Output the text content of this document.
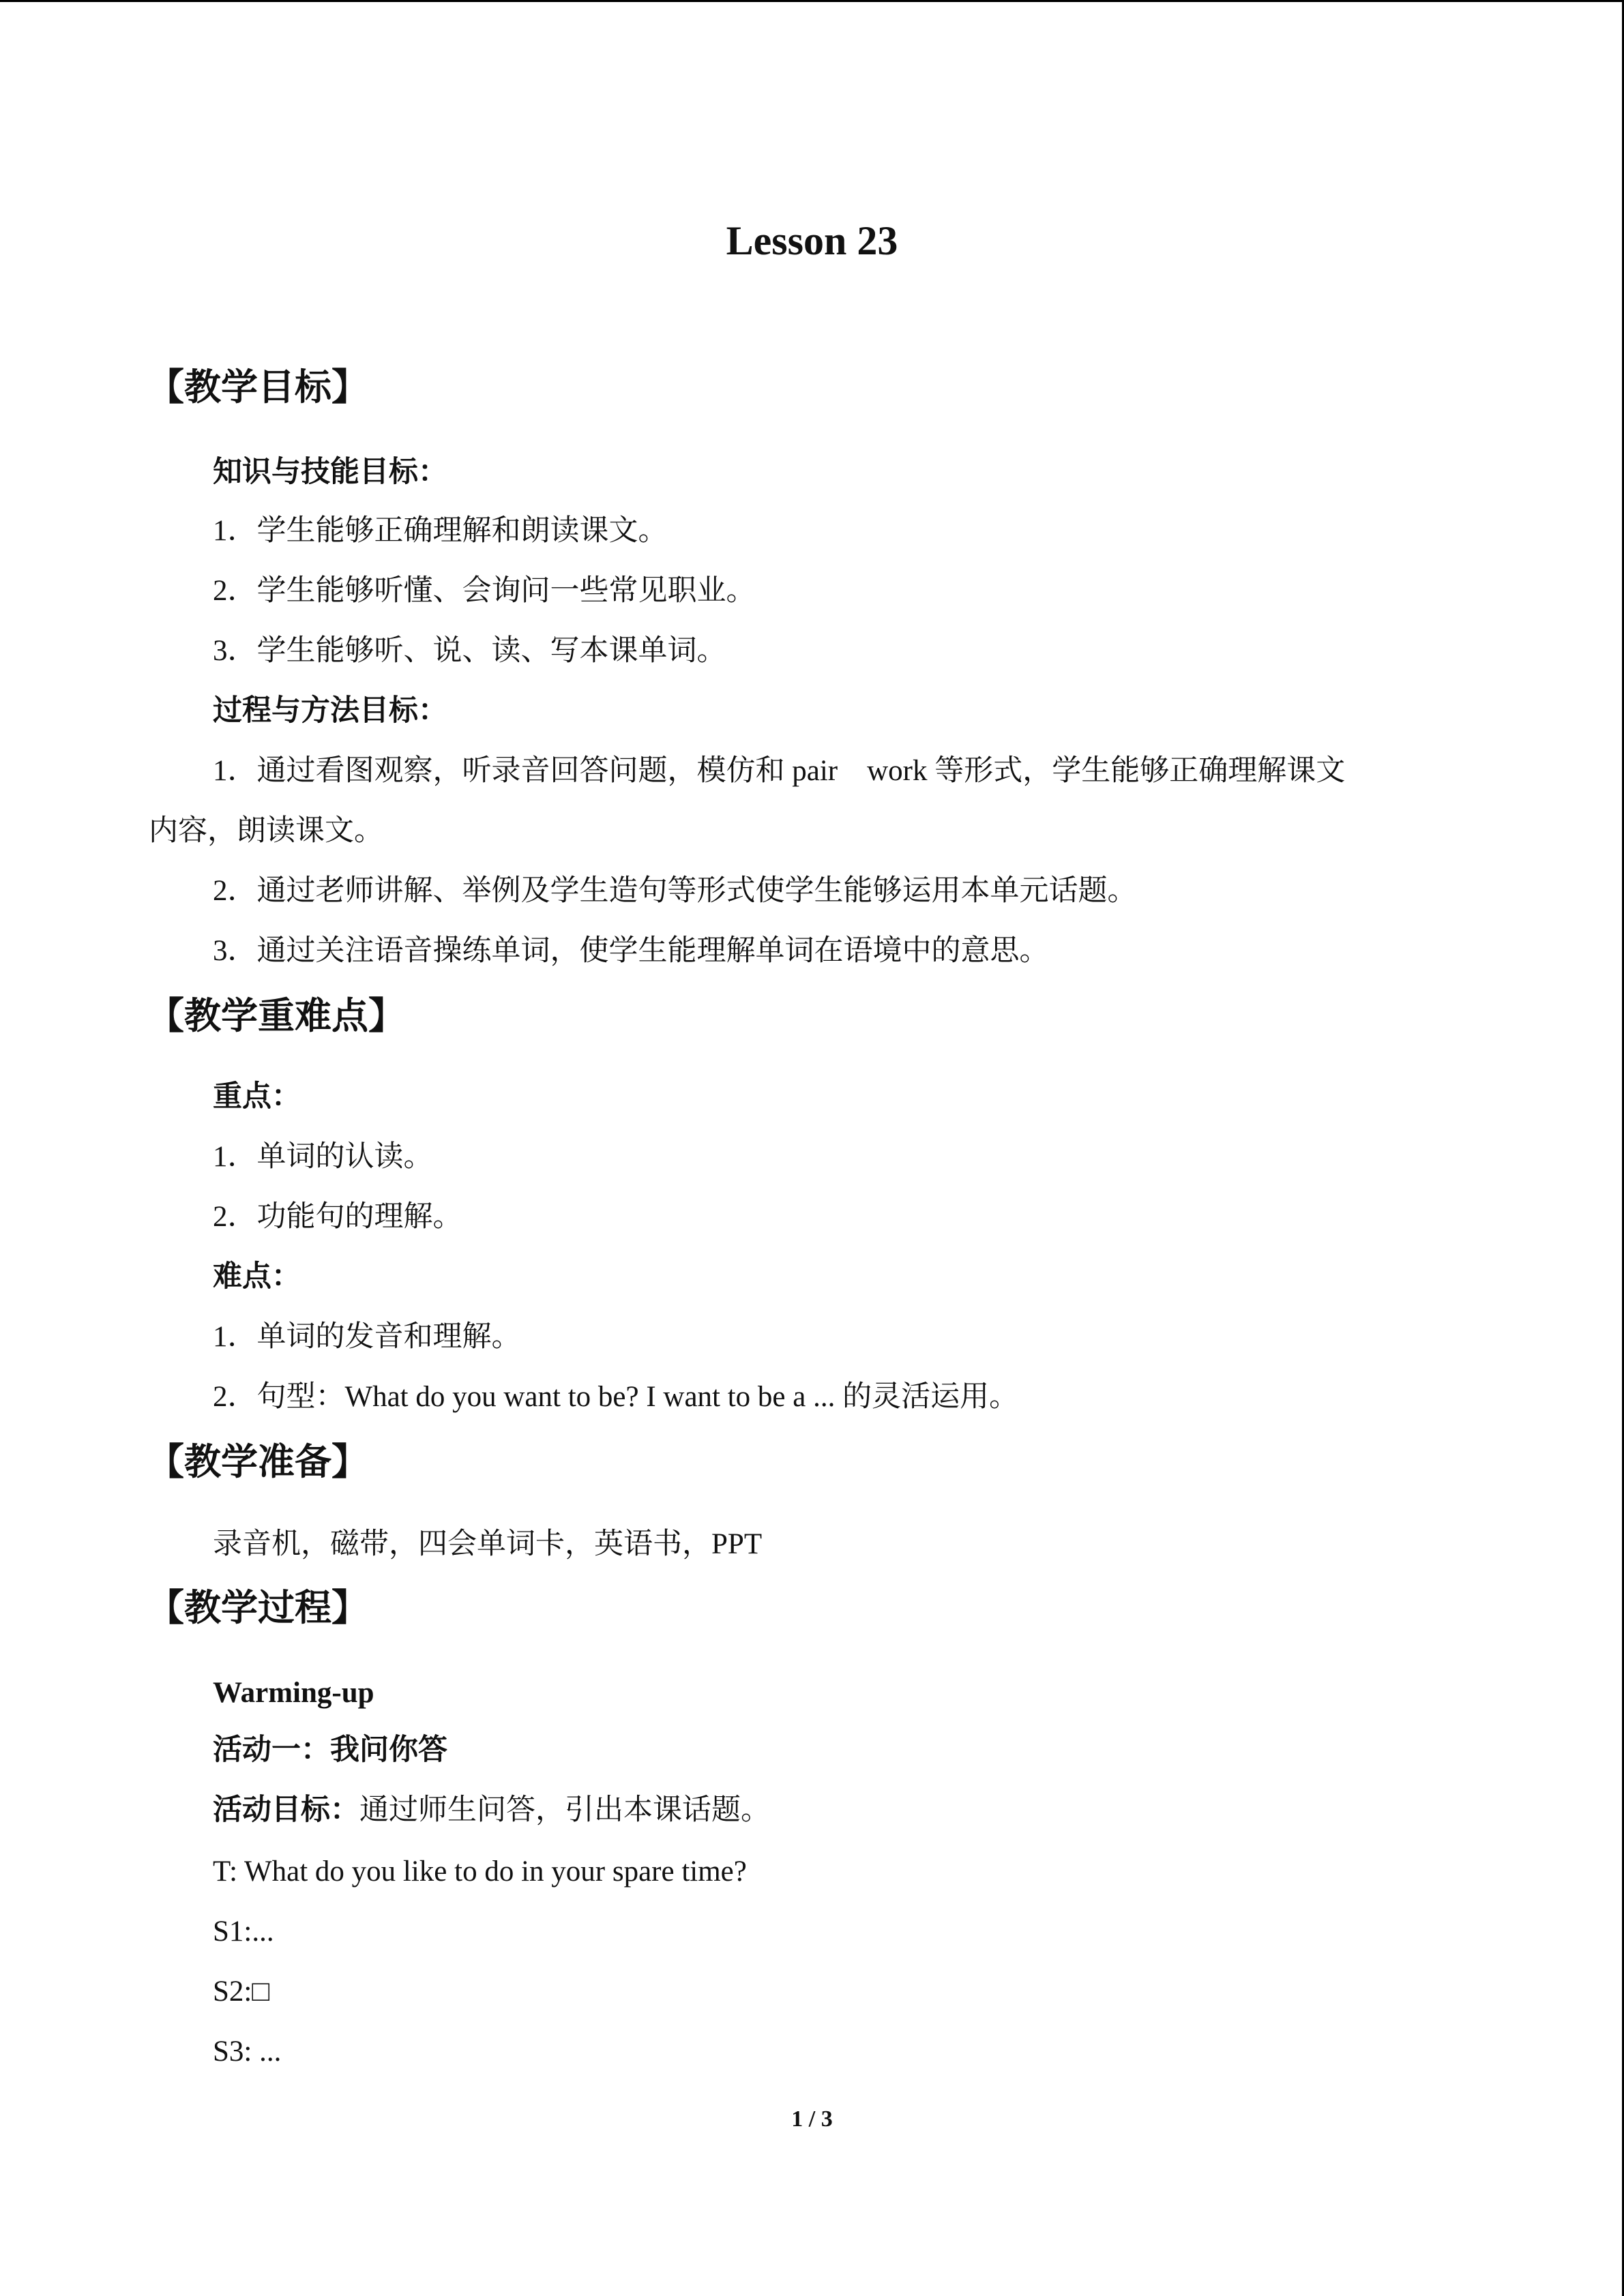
Lesson 23
【教学目标】
知识与技能目标：
1．学生能够正确理解和朗读课文。
2．学生能够听懂、会询问一些常见职业。
3．学生能够听、说、读、写本课单词。
过程与方法目标：
1．通过看图观察，听录音回答问题，模仿和 pair　work 等形式，学生能够正确理解课文
内容，朗读课文。
2．通过老师讲解、举例及学生造句等形式使学生能够运用本单元话题。
3．通过关注语音操练单词，使学生能理解单词在语境中的意思。
【教学重难点】
重点：
1．单词的认读。
2．功能句的理解。
难点：
1．单词的发音和理解。
2．句型：What do you want to be? I want to be a ... 的灵活运用。
【教学准备】
录音机，磁带，四会单词卡，英语书，PPT
【教学过程】
Warming-up
活动一：我问你答
活动目标：通过师生问答，引出本课话题。
T: What do you like to do in your spare time?
S1:...
S2:□
S3: ...
1 / 3
